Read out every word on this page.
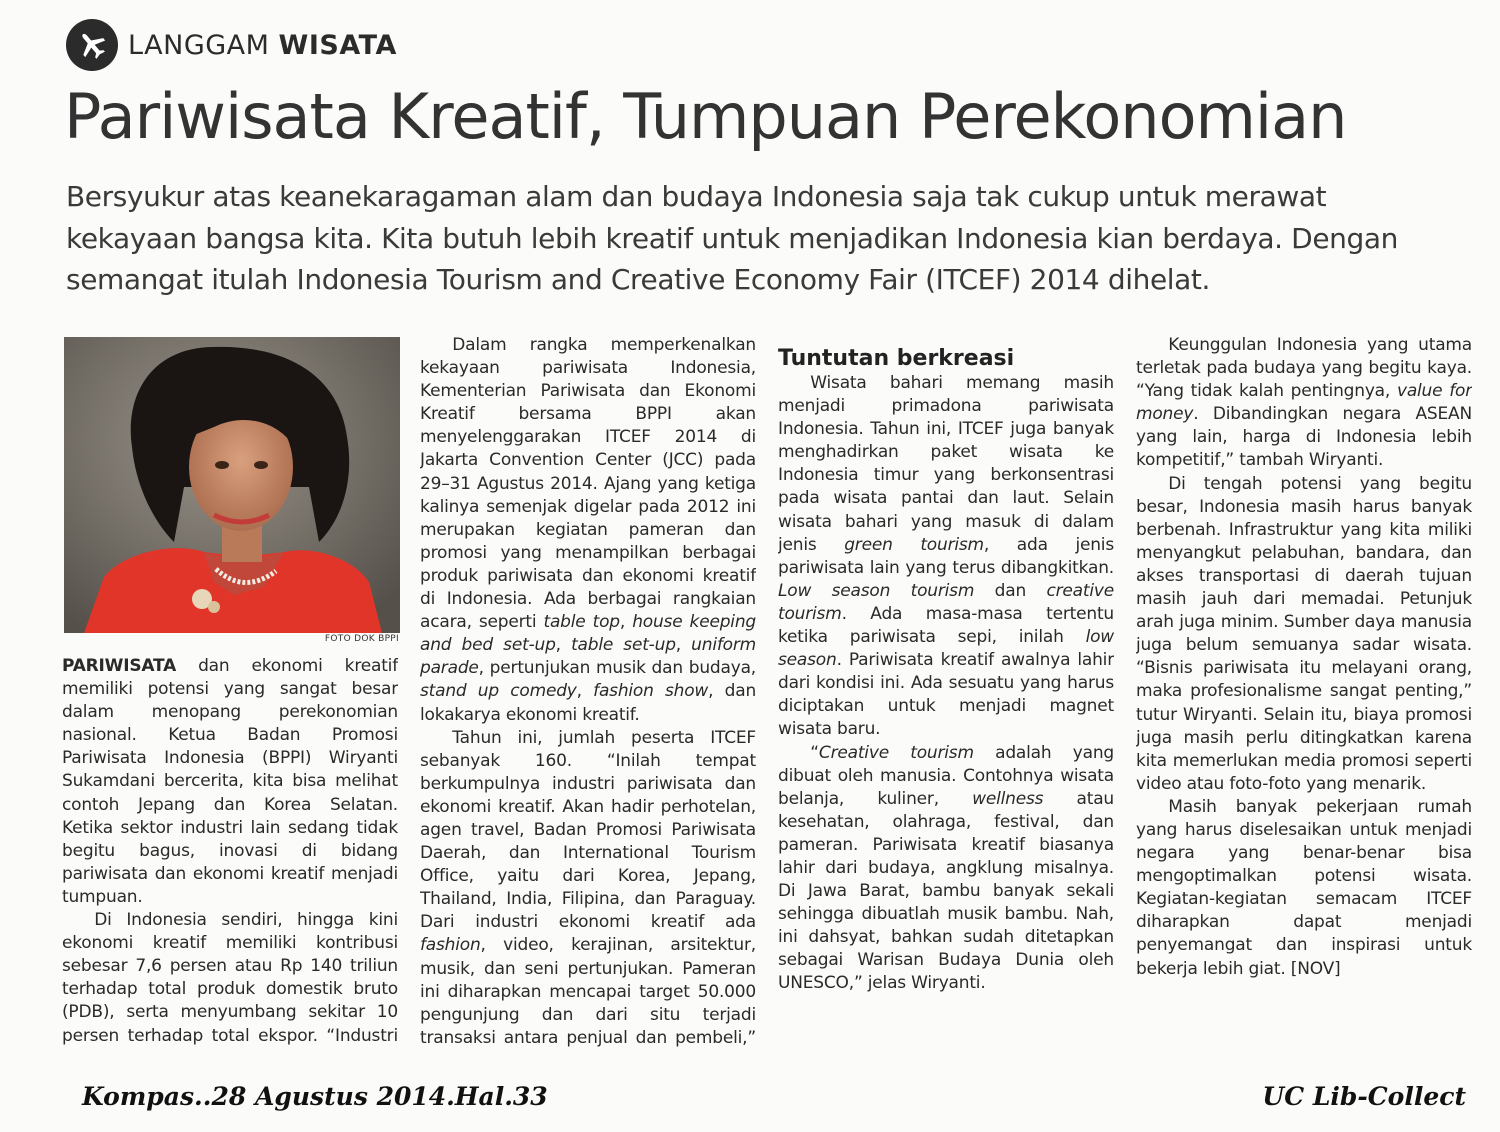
LANGGAM WISATA
Pariwisata Kreatif, Tumpuan Perekonomian

Bersyukur atas keanekaragaman alam dan budaya Indonesia saja tak cukup untuk merawat kekayaan bangsa kita. Kita butuh lebih kreatif untuk menjadikan Indonesia kian berdaya. Dengan semangat itulah Indonesia Tourism and Creative Economy Fair (ITCEF) 2014 dihelat.

FOTO DOK BPPI

PARIWISATA dan ekonomi kreatif memiliki potensi yang sangat besar dalam menopang perekonomian nasional. Ketua Badan Promosi Pariwisata Indonesia (BPPI) Wiryanti Sukamdani bercerita, kita bisa melihat contoh Jepang dan Korea Selatan. Ketika sektor industri lain sedang tidak begitu bagus, inovasi di bidang pariwisata dan ekonomi kreatif menjadi tumpuan.

Di Indonesia sendiri, hingga kini ekonomi kreatif memiliki kontribusi sebesar 7,6 persen atau Rp 140 triliun terhadap total produk domestik bruto (PDB), serta menyumbang sekitar 10 persen terhadap total ekspor. “Industri

Dalam rangka memperkenalkan kekayaan pariwisata Indonesia, Kementerian Pariwisata dan Ekonomi Kreatif bersama BPPI akan menyelenggarakan ITCEF 2014 di Jakarta Convention Center (JCC) pada 29–31 Agustus 2014. Ajang yang ketiga kalinya semenjak digelar pada 2012 ini merupakan kegiatan pameran dan promosi yang menampilkan berbagai produk pariwisata dan ekonomi kreatif di Indonesia. Ada berbagai rangkaian acara, seperti table top, house keeping and bed set-up, table set-up, uniform parade, pertunjukan musik dan budaya, stand up comedy, fashion show, dan lokakarya ekonomi kreatif.

Tahun ini, jumlah peserta ITCEF sebanyak 160. “Inilah tempat berkumpulnya industri pariwisata dan ekonomi kreatif. Akan hadir perhotelan, agen travel, Badan Promosi Pariwisata Daerah, dan International Tourism Office, yaitu dari Korea, Jepang, Thailand, India, Filipina, dan Paraguay. Dari industri ekonomi kreatif ada fashion, video, kerajinan, arsitektur, musik, dan seni pertunjukan. Pameran ini diharapkan mencapai target 50.000 pengunjung dan dari situ terjadi transaksi antara penjual dan pembeli,”

Tuntutan berkreasi

Wisata bahari memang masih menjadi primadona pariwisata Indonesia. Tahun ini, ITCEF juga banyak menghadirkan paket wisata ke Indonesia timur yang berkonsentrasi pada wisata pantai dan laut. Selain wisata bahari yang masuk di dalam jenis green tourism, ada jenis pariwisata lain yang terus dibangkitkan. Low season tourism dan creative tourism. Ada masa-masa tertentu ketika pariwisata sepi, inilah low season. Pariwisata kreatif awalnya lahir dari kondisi ini. Ada sesuatu yang harus diciptakan untuk menjadi magnet wisata baru.

“Creative tourism adalah yang dibuat oleh manusia. Contohnya wisata belanja, kuliner, wellness atau kesehatan, olahraga, festival, dan pameran. Pariwisata kreatif biasanya lahir dari budaya, angklung misalnya. Di Jawa Barat, bambu banyak sekali sehingga dibuatlah musik bambu. Nah, ini dahsyat, bahkan sudah ditetapkan sebagai Warisan Budaya Dunia oleh UNESCO,” jelas Wiryanti.

Keunggulan Indonesia yang utama terletak pada budaya yang begitu kaya. “Yang tidak kalah pentingnya, value for money. Dibandingkan negara ASEAN yang lain, harga di Indonesia lebih kompetitif,” tambah Wiryanti.

Di tengah potensi yang begitu besar, Indonesia masih harus banyak berbenah. Infrastruktur yang kita miliki menyangkut pelabuhan, bandara, dan akses transportasi di daerah tujuan masih jauh dari memadai. Petunjuk arah juga minim. Sumber daya manusia juga belum semuanya sadar wisata. “Bisnis pariwisata itu melayani orang, maka profesionalisme sangat penting,” tutur Wiryanti. Selain itu, biaya promosi juga masih perlu ditingkatkan karena kita memerlukan media promosi seperti video atau foto-foto yang menarik.

Masih banyak pekerjaan rumah yang harus diselesaikan untuk menjadi negara yang benar-benar bisa mengoptimalkan potensi wisata. Kegiatan-kegiatan semacam ITCEF diharapkan dapat menjadi penyemangat dan inspirasi untuk bekerja lebih giat. [NOV]

Kompas..28 Agustus 2014.Hal.33	UC Lib-Collect
